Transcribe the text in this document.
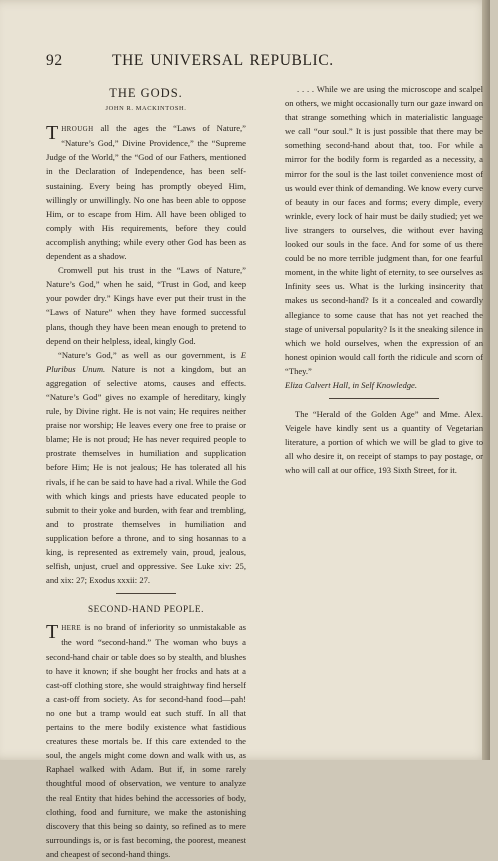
92	THE UNIVERSAL REPUBLIC.
THE GODS.
JOHN R. MACKINTOSH.

THROUGH all the ages the “Laws of Nature,” “Nature’s God,” Divine Providence,” the “Supreme Judge of the World,” the “God of our Fathers, mentioned in the Declaration of Independence, has been self-sustaining. Every being has promptly obeyed Him, willingly or unwillingly. No one has been able to oppose Him, or to escape from Him. All have been obliged to comply with His requirements, before they could accomplish anything; while every other God has been as dependent as a shadow.

Cromwell put his trust in the “Laws of Nature,” Nature’s God,” when he said, “Trust in God, and keep your powder dry.” Kings have ever put their trust in the “Laws of Nature” when they have formed successful plans, though they have been mean enough to pretend to depend on their helpless, ideal, kingly God.

“Nature’s God,” as well as our government, is E Pluribus Unum. Nature is not a kingdom, but an aggregation of selective atoms, causes and effects. “Nature’s God” gives no example of hereditary, kingly rule, by Divine right. He is not vain; He requires neither praise nor worship; He leaves every one free to praise or blame; He is not proud; He has never required people to prostrate themselves in humiliation and supplication before Him; He is not jealous; He has tolerated all his rivals, if he can be said to have had a rival. While the God with which kings and priests have educated people to submit to their yoke and burden, with fear and trembling, and to prostrate themselves in humiliation and supplication before a throne, and to sing hosannas to a king, is represented as extremely vain, proud, jealous, selfish, unjust, cruel and oppressive. See Luke xiv: 25, and xix: 27; Exodus xxxii: 27.

SECOND-HAND PEOPLE.

THERE is no brand of inferiority so unmistakable as the word “second-hand.” The woman who buys a second-hand chair or table does so by stealth, and blushes to have it known; if she bought her frocks and hats at a cast-off clothing store, she would straightway find herself a cast-off from society. As for second-hand food—pah! no one but a tramp would eat such stuff. In all that pertains to the mere bodily existence what fastidious creatures these mortals be. If this care extended to the soul, the angels might come down and walk with us, as Raphael walked with Adam. But if, in some rarely thoughtful mood of observation, we venture to analyze the real Entity that hides behind the accessories of body, clothing, food and furniture, we make the astonishing discovery that this being so dainty, so refined as to mere surroundings is, or is fast becoming, the poorest, meanest and cheapest of second-hand things.

. . . . While we are using the microscope and scalpel on others, we might occasionally turn our gaze inward on that strange something which in materialistic language we call “our soul.” It is just possible that there may be something second-hand about that, too. For while a mirror for the bodily form is regarded as a necessity, a mirror for the soul is the last toilet convenience most of us would ever think of demanding. We know every curve of beauty in our faces and forms; every dimple, every wrinkle, every lock of hair must be daily studied; yet we live strangers to ourselves, die without ever having looked our souls in the face. And for some of us there could be no more terrible judgment than, for one fearful moment, in the white light of eternity, to see ourselves as Infinity sees us. What is the lurking insincerity that makes us second-hand? Is it a concealed and cowardly allegiance to some cause that has not yet reached the stage of universal popularity? Is it the sneaking silence in which we hold ourselves, when the expression of an honest opinion would call forth the ridicule and scorn of “They.”

Eliza Calvert Hall, in Self Knowledge.

The “Herald of the Golden Age” and Mme. Alex. Veigele have kindly sent us a quantity of Vegetarian literature, a portion of which we will be glad to give to all who desire it, on receipt of stamps to pay postage, or who will call at our office, 193 Sixth Street, for it.
